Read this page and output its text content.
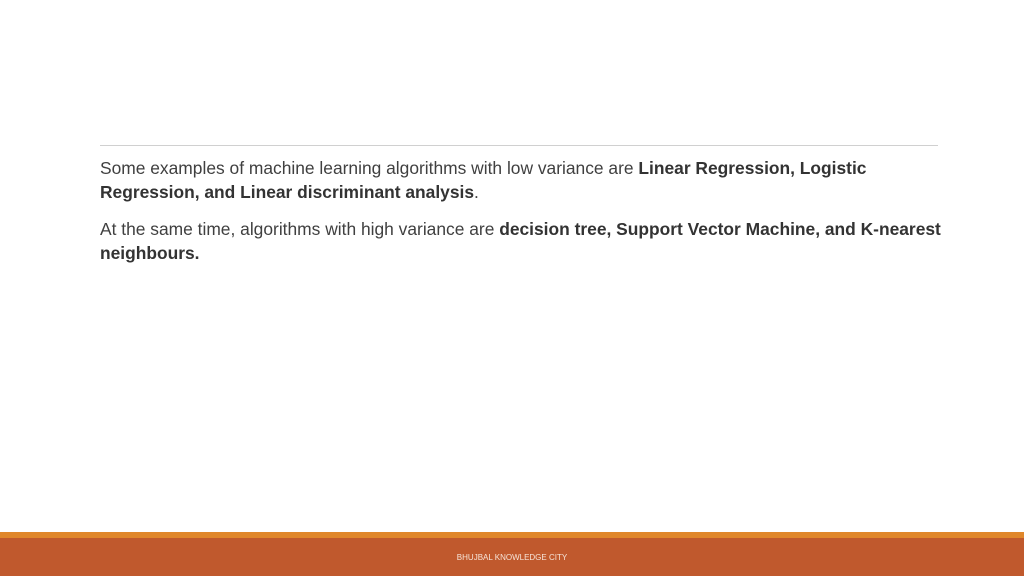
Some examples of machine learning algorithms with low variance are Linear Regression, Logistic Regression, and Linear discriminant analysis.

At the same time, algorithms with high variance are decision tree, Support Vector Machine, and K-nearest neighbours.

BHUJBAL KNOWLEDGE CITY
